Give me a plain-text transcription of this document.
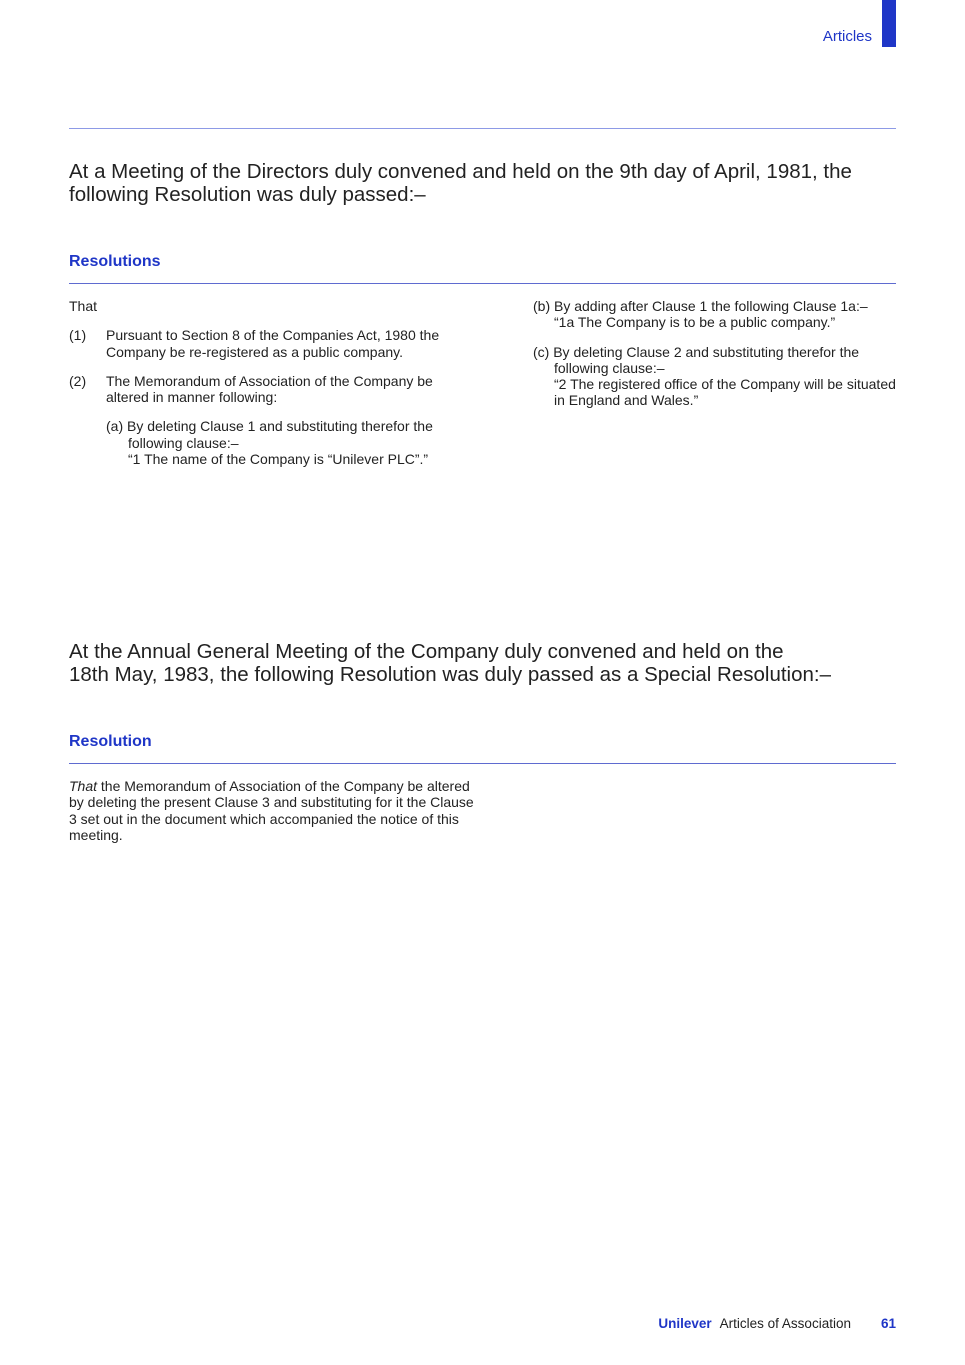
Articles
At a Meeting of the Directors duly convened and held on the 9th day of April, 1981, the following Resolution was duly passed:–
Resolutions

That

(1)	Pursuant to Section 8 of the Companies Act, 1980 the Company be re-registered as a public company.
(2)	The Memorandum of Association of the Company be altered in manner following:
(a) By deleting Clause 1 and substituting therefor the following clause:–
“1 The name of the Company is “Unilever PLC”.”
(b) By adding after Clause 1 the following Clause 1a:–
“1a The Company is to be a public company.”
(c) By deleting Clause 2 and substituting therefor the following clause:–
“2 The registered office of the Company will be situated in England and Wales.”
At the Annual General Meeting of the Company duly convened and held on the
18th May, 1983, the following Resolution was duly passed as a Special Resolution:–
Resolution
That the Memorandum of Association of the Company be altered by deleting the present Clause 3 and substituting for it the Clause 3 set out in the document which accompanied the notice of this meeting.
Unilever Articles of Association 61
